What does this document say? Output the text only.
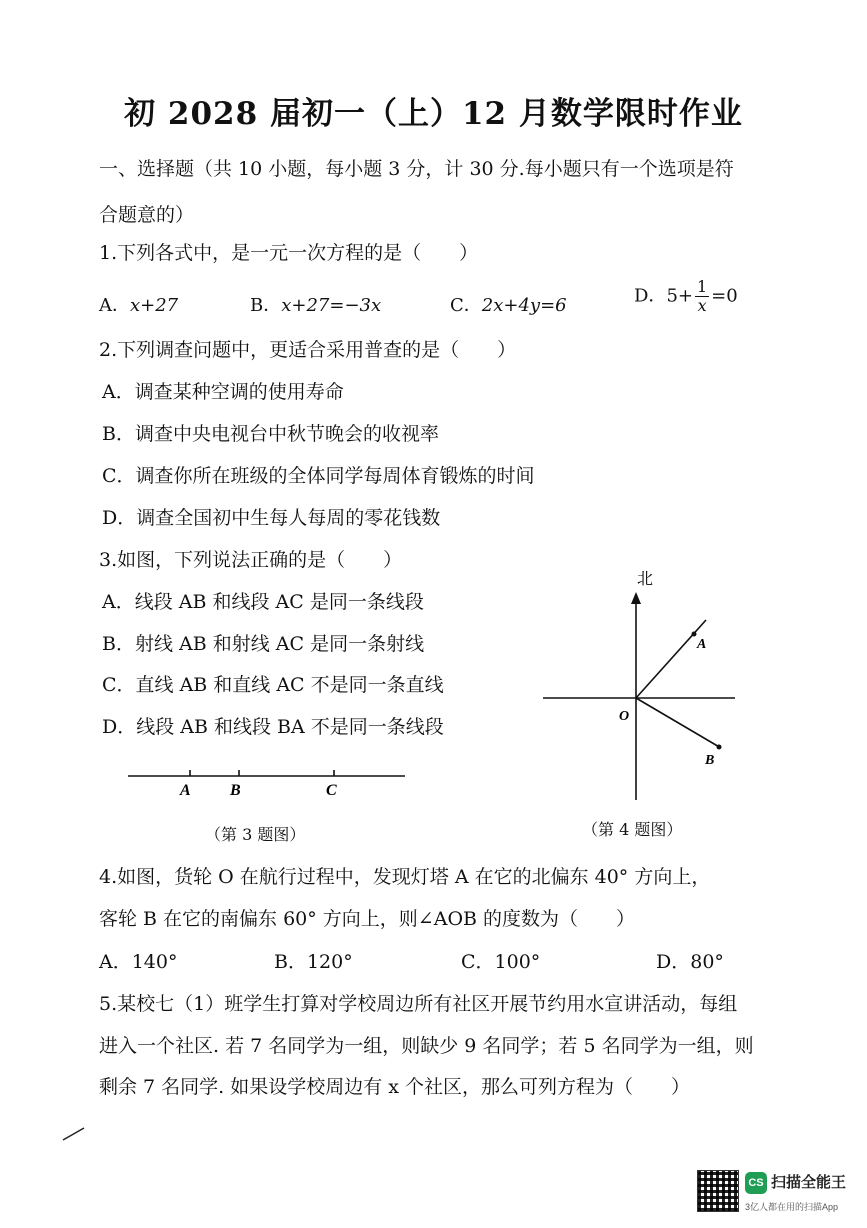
初 2028 届初一（上）12 月数学限时作业
一、选择题（共 10 小题，每小题 3 分，计 30 分.每小题只有一个选项是符
合题意的）
1.下列各式中，是一元一次方程的是（　　）
A．x+27	B．x+27=−3x	C．2x+4y=6	D．$5+ \frac{1}{x} =0$
2.下列调查问题中，更适合采用普查的是（　　）
A．调查某种空调的使用寿命
B．调查中央电视台中秋节晚会的收视率
C．调查你所在班级的全体同学每周体育锻炼的时间
D．调查全国初中生每人每周的零花钱数
3.如图，下列说法正确的是（　　）
A．线段 AB 和线段 AC 是同一条线段
B．射线 AB 和射线 AC 是同一条射线
C．直线 AB 和直线 AC 不是同一条直线
D．线段 AB 和线段 BA 不是同一条线段
A B	C
（第 3 题图）
北
A
O
B
（第 4 题图）
4.如图，货轮 O 在航行过程中，发现灯塔 A 在它的北偏东 40° 方向上，
客轮 B 在它的南偏东 60° 方向上，则∠AOB 的度数为（　　）
A．140°	B．120°	C．100°	D．80°
5.某校七（1）班学生打算对学校周边所有社区开展节约用水宣讲活动，每组
进入一个社区. 若 7 名同学为一组，则缺少 9 名同学；若 5 名同学为一组，则
剩余 7 名同学. 如果设学校周边有 x 个社区，那么可列方程为（　　）
CS 扫描全能王
3亿人都在用的扫描App
